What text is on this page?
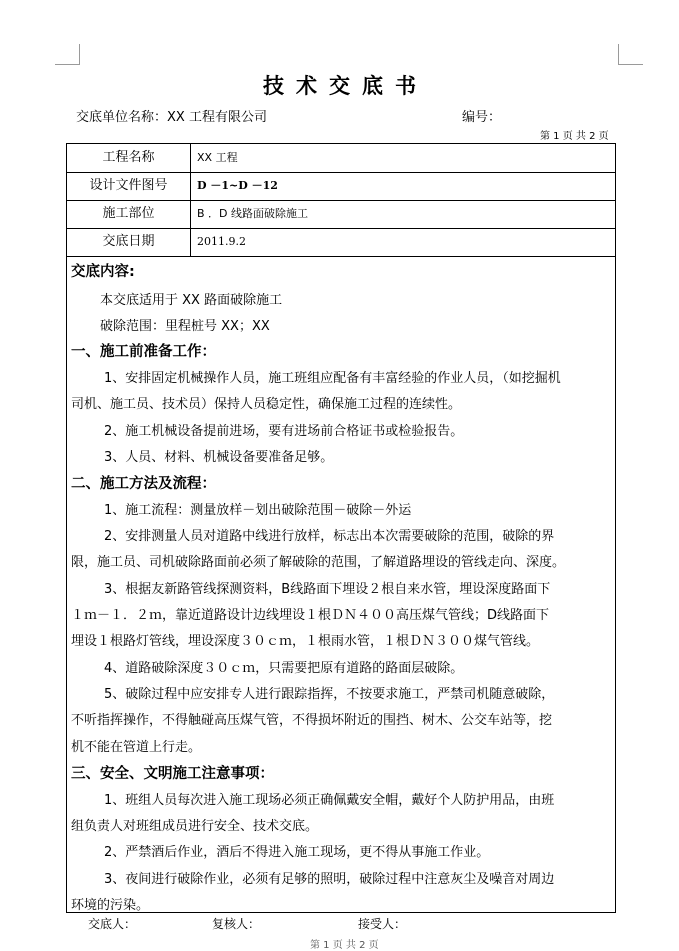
技术交底书
交底单位名称：XX 工程有限公司	编号：
第 1 页 共 2 页
工程名称	XX 工程
设计文件图号	D －1~D －12
施工部位	B ．D 线路面破除施工
交底日期	2011.9.2
交底内容:
本交底适用于 XX 路面破除施工
破除范围：里程桩号 XX；XX
一、施工前准备工作：
1、安排固定机械操作人员，施工班组应配备有丰富经验的作业人员，（如挖掘机
司机、施工员、技术员）保持人员稳定性，确保施工过程的连续性。
2、施工机械设备提前进场，要有进场前合格证书或检验报告。
3、人员、材料、机械设备要准备足够。
二、施工方法及流程：
1、施工流程：测量放样－划出破除范围－破除－外运
2、安排测量人员对道路中线进行放样，标志出本次需要破除的范围，破除的界
限，施工员、司机破除路面前必须了解破除的范围，了解道路埋设的管线走向、深度。
3、根据友新路管线探测资料，B线路面下埋设２根自来水管，埋设深度路面下
１ｍ－１．２ｍ，靠近道路设计边线埋设１根ＤＮ４００高压煤气管线；D线路面下
埋设１根路灯管线，埋设深度３０ｃｍ，１根雨水管，１根ＤＮ３００煤气管线。
4、道路破除深度３０ｃｍ，只需要把原有道路的路面层破除。
5、破除过程中应安排专人进行跟踪指挥，不按要求施工，严禁司机随意破除，
不听指挥操作，不得触碰高压煤气管，不得损坏附近的围挡、树木、公交车站等，挖
机不能在管道上行走。
三、安全、文明施工注意事项：
1、班组人员每次进入施工现场必须正确佩戴安全帽，戴好个人防护用品，由班
组负责人对班组成员进行安全、技术交底。
2、严禁酒后作业，酒后不得进入施工现场，更不得从事施工作业。
3、夜间进行破除作业，必须有足够的照明，破除过程中注意灰尘及噪音对周边
环境的污染。
交底人：	复核人：	接受人：
第 1 页 共 2 页
